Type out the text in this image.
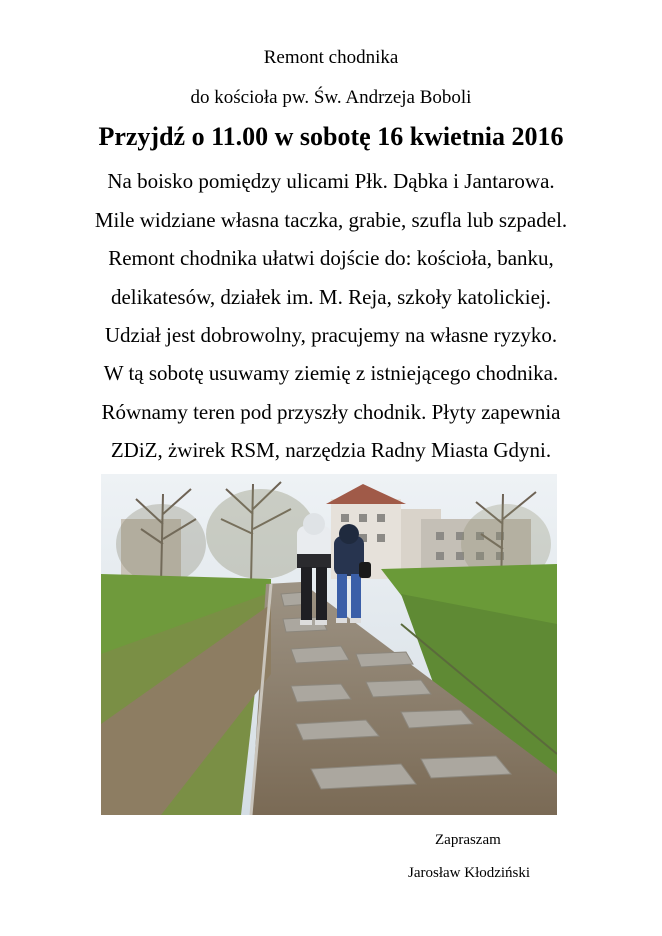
Remont chodnika
do kościoła pw. Św. Andrzeja Boboli
Przyjdź o 11.00 w sobotę 16 kwietnia 2016
Na boisko pomiędzy ulicami Płk. Dąbka i Jantarowa.
Mile widziane własna taczka, grabie, szufla lub szpadel.
Remont chodnika ułatwi dojście do: kościoła, banku,
delikatesów, działek im. M. Reja, szkoły katolickiej.
Udział jest dobrowolny, pracujemy na własne ryzyko.
W tą sobotę usuwamy ziemię z istniejącego chodnika.
Równamy teren pod przyszły chodnik. Płyty zapewnia
ZDiZ, żwirek RSM, narzędzia Radny Miasta Gdyni.
Zapraszam
Jarosław Kłodziński
